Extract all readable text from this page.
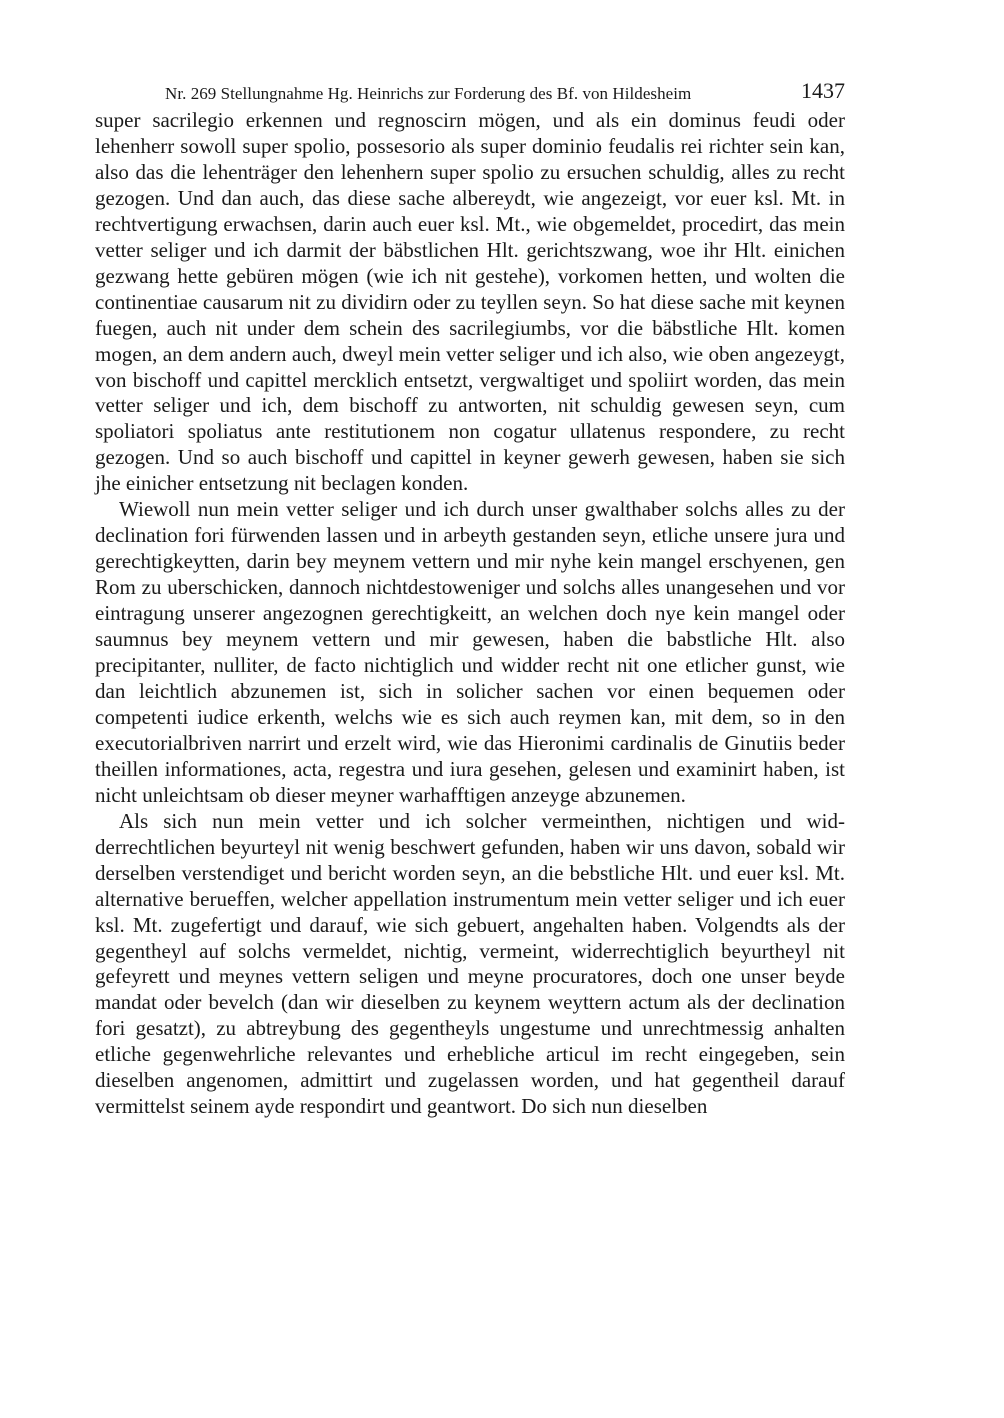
Nr. 269 Stellungnahme Hg. Heinrichs zur Forderung des Bf. von Hildesheim	1437

super sacrilegio erkennen und regnoscirn mögen, und als ein dominus feudi oder lehenherr sowoll super spolio, possesorio als super dominio feudalis rei richter sein kan, also das die lehenträger den lehenhern super spolio zu ersuchen schuldig, alles zu recht gezogen. Und dan auch, das diese sache albereydt, wie angezeigt, vor euer ksl. Mt. in rechtvertigung erwachsen, darin auch euer ksl. Mt., wie obgemeldet, procedirt, das mein vetter seliger und ich darmit der bäbstlichen Hlt. gerichtszwang, woe ihr Hlt. einichen gezwang hette gebüren mögen (wie ich nit gestehe), vorkomen hetten, und wolten die continentiae causarum nit zu dividirn oder zu teyllen seyn. So hat diese sache mit keynen fuegen, auch nit under dem schein des sacrilegiumbs, vor die bäbstliche Hlt. komen mogen, an dem andern auch, dweyl mein vetter seliger und ich also, wie oben angezeygt, von bischoff und capittel mercklich entsetzt, vergwaltiget und spoliirt worden, das mein vetter seliger und ich, dem bischoff zu antworten, nit schuldig gewesen seyn, cum spoliatori spoliatus ante restitutionem non cogatur ullatenus respondere, zu recht gezogen. Und so auch bischoff und capittel in keyner gewerh gewesen, haben sie sich jhe einicher entsetzung nit beclagen konden.

Wiewoll nun mein vetter seliger und ich durch unser gwalthaber solchs alles zu der declination fori fürwenden lassen und in arbeyth gestanden seyn, etliche unsere jura und gerechtigkeytten, darin bey meynem vettern und mir nyhe kein mangel erschyenen, gen Rom zu uberschicken, dannoch nichtdestoweniger und solchs alles unangesehen und vor eintragung unserer angezognen gerechtigkeitt, an welchen doch nye kein mangel oder saumnus bey meynem vettern und mir gewesen, haben die babstliche Hlt. also precipitanter, nulliter, de facto nichtiglich und widder recht nit one etlicher gunst, wie dan leichtlich abzunemen ist, sich in solicher sachen vor einen bequemen oder competenti iudice erkenth, welchs wie es sich auch reymen kan, mit dem, so in den executorialbriven narrirt und erzelt wird, wie das Hieronimi cardinalis de Ginutiis beder theillen informationes, acta, regestra und iura gesehen, gelesen und examinirt haben, ist nicht unleichtsam ob dieser meyner warhafftigen anzeyge abzunemen.

Als sich nun mein vetter und ich solcher vermeinthen, nichtigen und widderrechtlichen beyurteyl nit wenig beschwert gefunden, haben wir uns davon, sobald wir derselben verstendiget und bericht worden seyn, an die bebstliche Hlt. und euer ksl. Mt. alternative berueffen, welcher appellation instrumentum mein vetter seliger und ich euer ksl. Mt. zugefertigt und darauf, wie sich gebuert, angehalten haben. Volgendts als der gegentheyl auf solchs vermeldet, nichtig, vermeint, widerrechtiglich beyurtheyl nit gefeyrett und meynes vettern seligen und meyne procuratores, doch one unser beyde mandat oder bevelch (dan wir dieselben zu keynem weyttern actum als der declination fori gesatzt), zu abtreybung des gegentheyls ungestume und unrechtmessig anhalten etliche gegenwehrliche relevantes und erhebliche articul im recht eingegeben, sein dieselben angenomen, admittirt und zugelassen worden, und hat gegentheil darauf vermittelst seinem ayde respondirt und geantwort. Do sich nun dieselben
